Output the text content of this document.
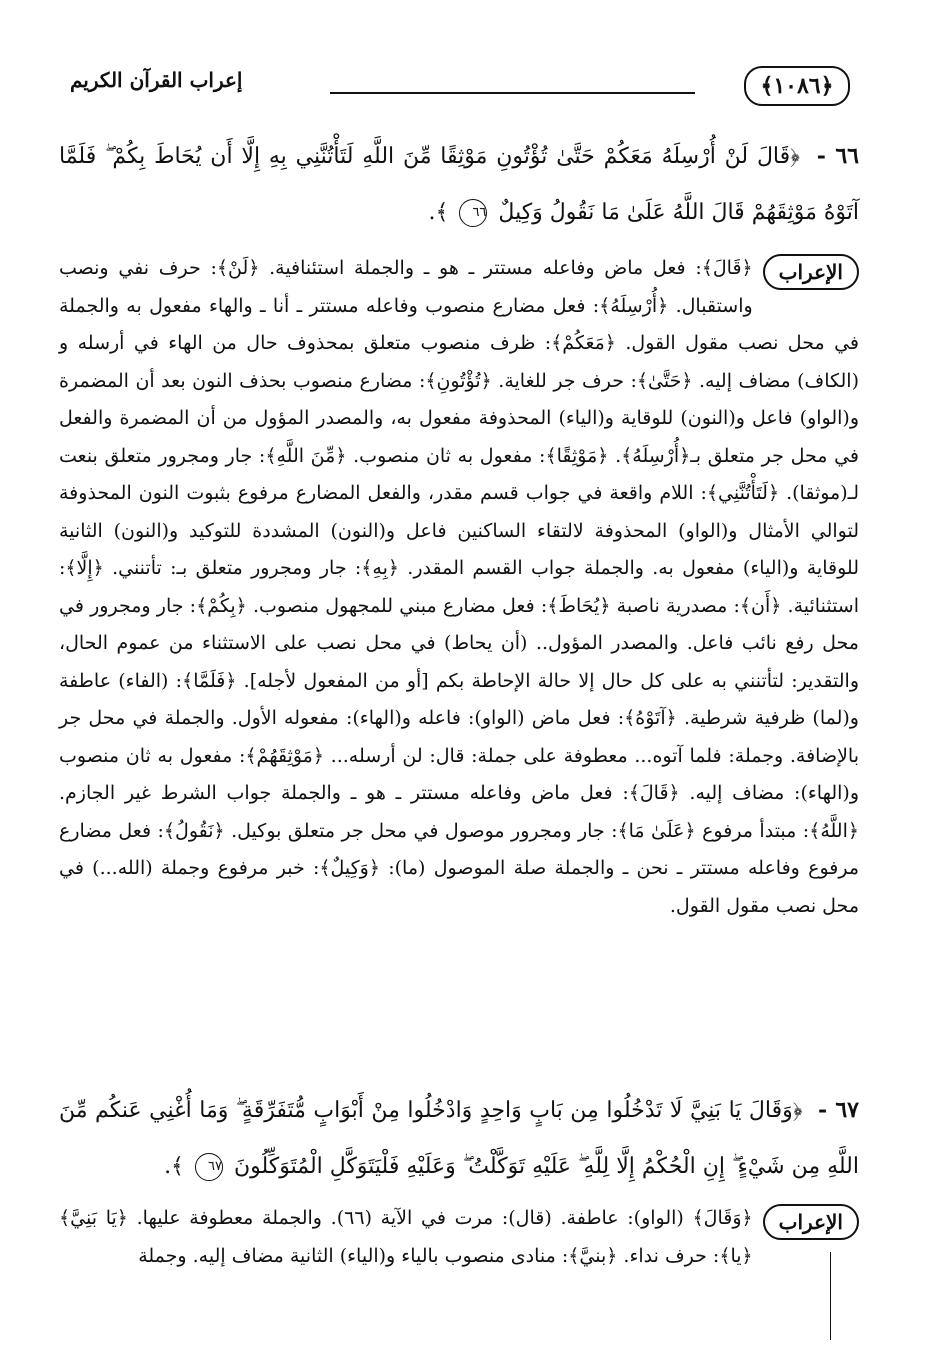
﴿١٠٨٦﴾
إعراب القرآن الكريم
٦٦ - ﴿قَالَ لَنْ أُرْسِلَهُ مَعَكُمْ حَتَّىٰ تُؤْتُونِ مَوْثِقًا مِّنَ اللَّهِ لَتَأْتُنَّنِي بِهِ إِلَّا أَن يُحَاطَ بِكُمْ ۖ فَلَمَّا آتَوْهُ مَوْثِقَهُمْ قَالَ اللَّهُ عَلَىٰ مَا نَقُولُ وَكِيلٌ ٦٦ ﴾.
الإعراب
﴿قَالَ﴾: فعل ماض وفاعله مستتر ـ هو ـ والجملة استئنافية. ﴿لَنْ﴾: حرف نفي ونصب واستقبال. ﴿أُرْسِلَهُ﴾: فعل مضارع منصوب وفاعله مستتر ـ أنا ـ والهاء مفعول به والجملة في محل نصب مقول القول. ﴿مَعَكُمْ﴾: ظرف منصوب متعلق بمحذوف حال من الهاء في أرسله و (الكاف) مضاف إليه. ﴿حَتَّىٰ﴾: حرف جر للغاية. ﴿تُؤْتُونِ﴾: مضارع منصوب بحذف النون بعد أن المضمرة و(الواو) فاعل و(النون) للوقاية و(الياء) المحذوفة مفعول به، والمصدر المؤول من أن المضمرة والفعل في محل جر متعلق بـ﴿أُرْسِلَهُ﴾. ﴿مَوْثِقًا﴾: مفعول به ثان منصوب. ﴿مِّنَ اللَّهِ﴾: جار ومجرور متعلق بنعت لـ(موثقا). ﴿لَتَأْتُنَّنِي﴾: اللام واقعة في جواب قسم مقدر، والفعل المضارع مرفوع بثبوت النون المحذوفة لتوالي الأمثال و(الواو) المحذوفة لالتقاء الساكنين فاعل و(النون) المشددة للتوكيد و(النون) الثانية للوقاية و(الياء) مفعول به. والجملة جواب القسم المقدر. ﴿بِهِ﴾: جار ومجرور متعلق بـ: تأتنني. ﴿إِلَّا﴾: استثنائية. ﴿أَن﴾: مصدرية ناصبة ﴿يُحَاطَ﴾: فعل مضارع مبني للمجهول منصوب. ﴿بِكُمْ﴾: جار ومجرور في محل رفع نائب فاعل. والمصدر المؤول.. (أن يحاط) في محل نصب على الاستثناء من عموم الحال، والتقدير: لتأتنني به على كل حال إلا حالة الإحاطة بكم [أو من المفعول لأجله]. ﴿فَلَمَّا﴾: (الفاء) عاطفة و(لما) ظرفية شرطية. ﴿آتَوْهُ﴾: فعل ماض (الواو): فاعله و(الهاء): مفعوله الأول. والجملة في محل جر بالإضافة. وجملة: فلما آتوه... معطوفة على جملة: قال: لن أرسله... ﴿مَوْثِقَهُمْ﴾: مفعول به ثان منصوب و(الهاء): مضاف إليه. ﴿قَالَ﴾: فعل ماض وفاعله مستتر ـ هو ـ والجملة جواب الشرط غير الجازم. ﴿اللَّهُ﴾: مبتدأ مرفوع ﴿عَلَىٰ مَا﴾: جار ومجرور موصول في محل جر متعلق بوكيل. ﴿نَقُولُ﴾: فعل مضارع مرفوع وفاعله مستتر ـ نحن ـ والجملة صلة الموصول (ما): ﴿وَكِيلٌ﴾: خبر مرفوع وجملة (الله...) في محل نصب مقول القول.
٦٧ - ﴿وَقَالَ يَا بَنِيَّ لَا تَدْخُلُوا مِن بَابٍ وَاحِدٍ وَادْخُلُوا مِنْ أَبْوَابٍ مُّتَفَرِّقَةٍ ۖ وَمَا أُغْنِي عَنكُم مِّنَ اللَّهِ مِن شَيْءٍ ۖ إِنِ الْحُكْمُ إِلَّا لِلَّهِ ۖ عَلَيْهِ تَوَكَّلْتُ ۖ وَعَلَيْهِ فَلْيَتَوَكَّلِ الْمُتَوَكِّلُونَ ٦٧ ﴾.
الإعراب
﴿وَقَالَ﴾ (الواو): عاطفة. (قال): مرت في الآية (٦٦). والجملة معطوفة عليها. ﴿يَا بَنِيَّ﴾ ﴿يا﴾: حرف نداء. ﴿بنيَّ﴾: منادى منصوب بالياء و(الياء) الثانية مضاف إليه. وجملة
